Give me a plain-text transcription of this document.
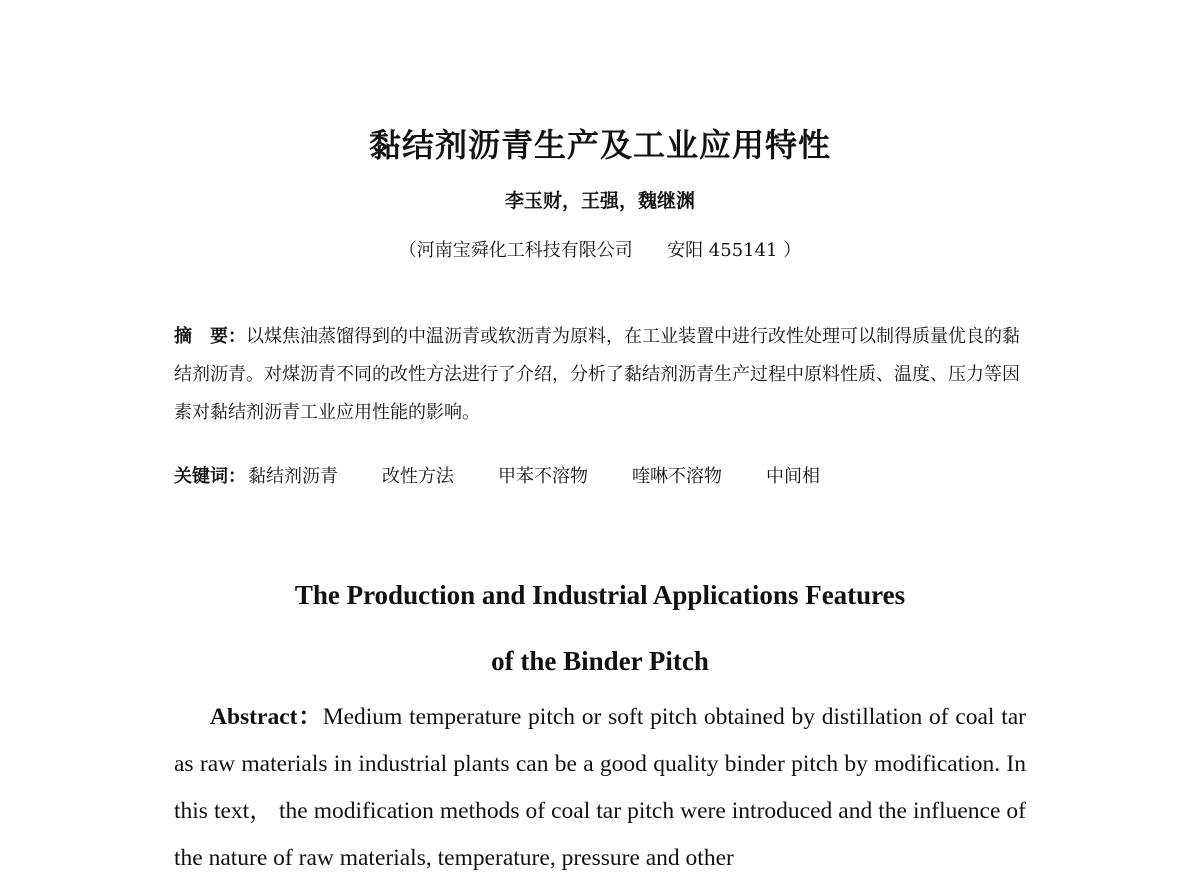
黏结剂沥青生产及工业应用特性
李玉财，王强，魏继渊
（河南宝舜化工科技有限公司      安阳 455141 ）
摘　要：以煤焦油蒸馏得到的中温沥青或软沥青为原料，在工业装置中进行改性处理可以制得质量优良的黏结剂沥青。对煤沥青不同的改性方法进行了介绍，分析了黏结剂沥青生产过程中原料性质、温度、压力等因素对黏结剂沥青工业应用性能的影响。
关键词： 黏结剂沥青 改性方法 甲苯不溶物 喹啉不溶物 中间相
The Production and Industrial Applications Features
of the Binder Pitch
Abstract：Medium temperature pitch or soft pitch obtained by distillation of coal tar as raw materials in industrial plants can be a good quality binder pitch by modification. In this text， the modification methods of coal tar pitch were introduced and the influence of the nature of raw materials, temperature, pressure and other
